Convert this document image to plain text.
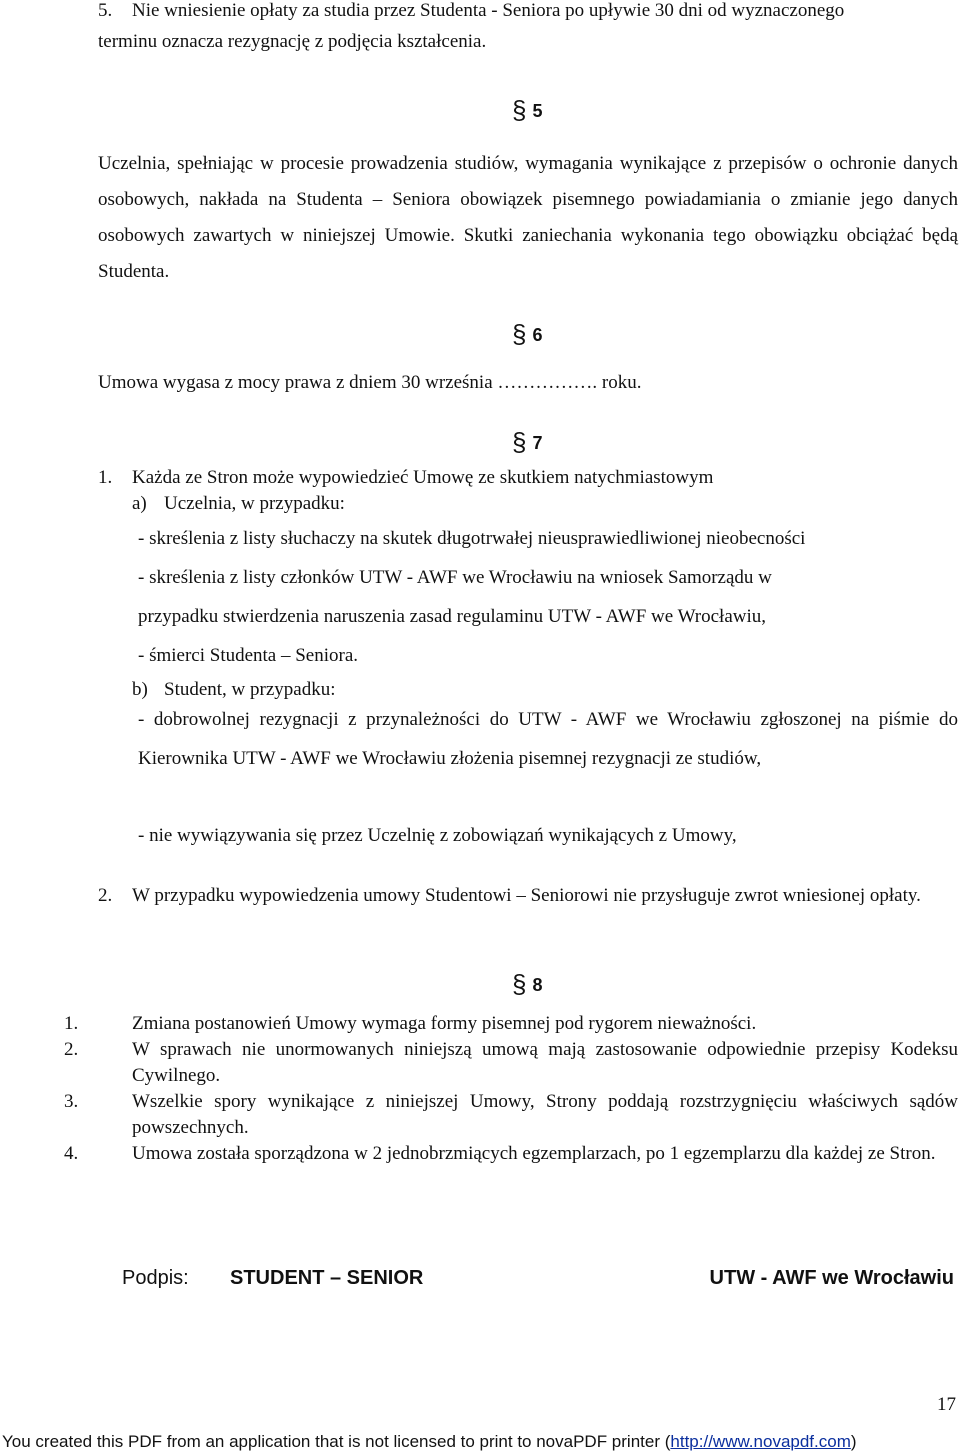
5. Nie wniesienie opłaty za studia przez Studenta - Seniora po upływie 30 dni od wyznaczonego
terminu oznacza rezygnację z podjęcia kształcenia.
§ 5
Uczelnia, spełniając w procesie prowadzenia studiów, wymagania wynikające z przepisów o ochronie danych osobowych, nakłada na Studenta – Seniora obowiązek pisemnego powiadamiania o zmianie jego danych osobowych zawartych w niniejszej Umowie. Skutki zaniechania wykonania tego obowiązku obciążać będą Studenta.
§ 6
Umowa wygasa z mocy prawa z dniem 30 września ……………. roku.
§ 7
1. Każda ze Stron może wypowiedzieć Umowę ze skutkiem natychmiastowym
a) Uczelnia, w przypadku:
- skreślenia z listy słuchaczy na skutek długotrwałej nieusprawiedliwionej nieobecności
- skreślenia z listy członków UTW - AWF we Wrocławiu na wniosek Samorządu w
przypadku stwierdzenia naruszenia zasad regulaminu UTW - AWF we Wrocławiu,
- śmierci Studenta – Seniora.
b) Student, w przypadku:
- dobrowolnej rezygnacji z przynależności do UTW - AWF we Wrocławiu zgłoszonej na piśmie do Kierownika UTW - AWF we Wrocławiu złożenia pisemnej rezygnacji ze studiów,
- nie wywiązywania się przez Uczelnię z zobowiązań wynikających z Umowy,
2. W przypadku wypowiedzenia umowy Studentowi – Seniorowi nie przysługuje zwrot wniesionej opłaty.
§ 8
1.	Zmiana postanowień Umowy wymaga formy pisemnej pod rygorem nieważności.
2.	W sprawach nie unormowanych niniejszą umową mają zastosowanie odpowiednie przepisy Kodeksu Cywilnego.
3.	Wszelkie spory wynikające z niniejszej Umowy, Strony poddają rozstrzygnięciu właściwych sądów powszechnych.
4.	Umowa została sporządzona w 2 jednobrzmiących egzemplarzach, po 1 egzemplarzu dla każdej ze Stron.
Podpis: STUDENT – SENIOR	UTW - AWF we Wrocławiu
17
You created this PDF from an application that is not licensed to print to novaPDF printer (http://www.novapdf.com)
